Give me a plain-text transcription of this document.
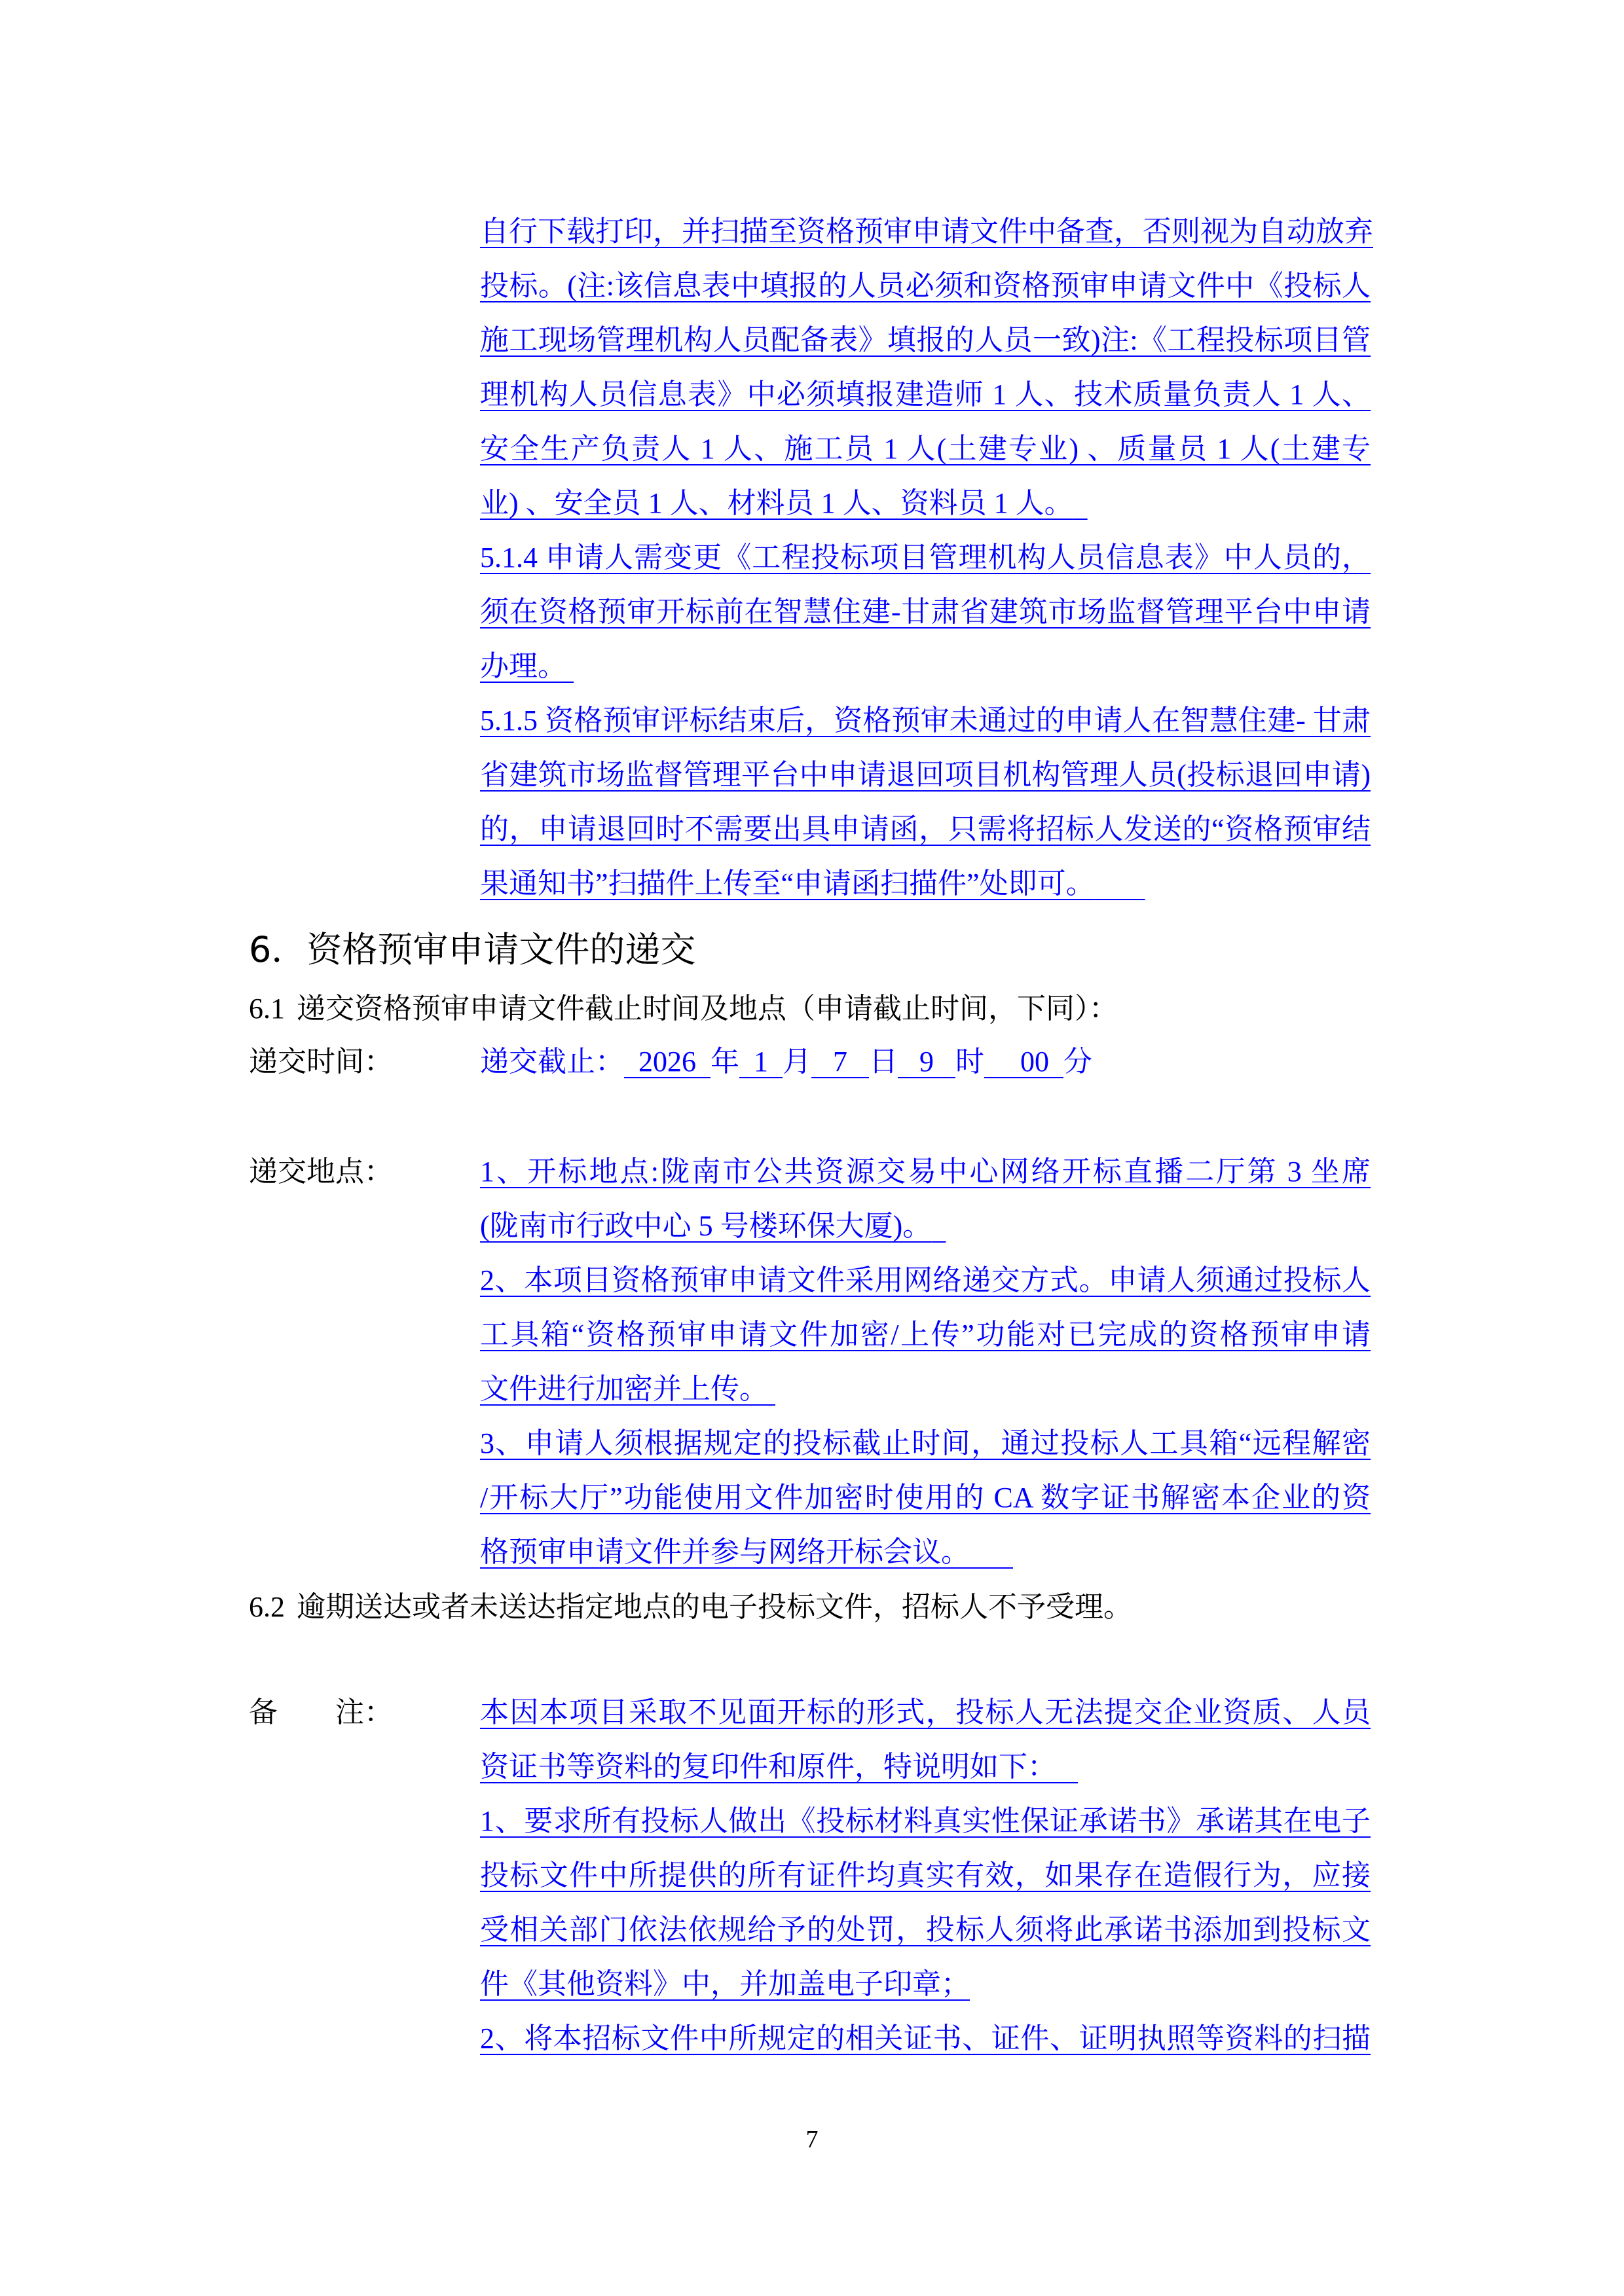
自行下载打印，并扫描至资格预审申请文件中备查，否则视为自动放弃
投标。(注:该信息表中填报的人员必须和资格预审申请文件中《投标人
施工现场管理机构人员配备表》填报的人员一致)注:《工程投标项目管
理机构人员信息表》中必须填报建造师 1 人、技术质量负责人 1 人、
安全生产负责人 1 人、施工员 1 人(土建专业) 、质量员 1 人(土建专
业) 、安全员 1 人、材料员 1 人、资料员 1 人。
5.1.4 申请人需变更《工程投标项目管理机构人员信息表》中人员的，
须在资格预审开标前在智慧住建-甘肃省建筑市场监督管理平台中申请
办理。
5.1.5 资格预审评标结束后，资格预审未通过的申请人在智慧住建- 甘肃
省建筑市场监督管理平台中申请退回项目机构管理人员(投标退回申请)
的，申请退回时不需要出具申请函，只需将招标人发送的“资格预审结
果通知书”扫描件上传至“申请函扫描件”处即可。
6．资格预审申请文件的递交
6.1 递交资格预审申请文件截止时间及地点（申请截止时间，下同）：
递交时间：	递交截止： 2026 年 1 月 7 日 9 时 00 分
递交地点：	1、开标地点:陇南市公共资源交易中心网络开标直播二厅第 3 坐席
(陇南市行政中心 5 号楼环保大厦)。
2、本项目资格预审申请文件采用网络递交方式。申请人须通过投标人
工具箱“资格预审申请文件加密/上传”功能对已完成的资格预审申请
文件进行加密并上传。
3、申请人须根据规定的投标截止时间，通过投标人工具箱“远程解密
/开标大厅”功能使用文件加密时使用的 CA 数字证书解密本企业的资
格预审申请文件并参与网络开标会议。
6.2 逾期送达或者未送达指定地点的电子投标文件，招标人不予受理。
备　　注：	本因本项目采取不见面开标的形式，投标人无法提交企业资质、人员
资证书等资料的复印件和原件，特说明如下：
1、要求所有投标人做出《投标材料真实性保证承诺书》承诺其在电子
投标文件中所提供的所有证件均真实有效，如果存在造假行为，应接
受相关部门依法依规给予的处罚，投标人须将此承诺书添加到投标文
件《其他资料》中，并加盖电子印章；
2、将本招标文件中所规定的相关证书、证件、证明执照等资料的扫描
7
